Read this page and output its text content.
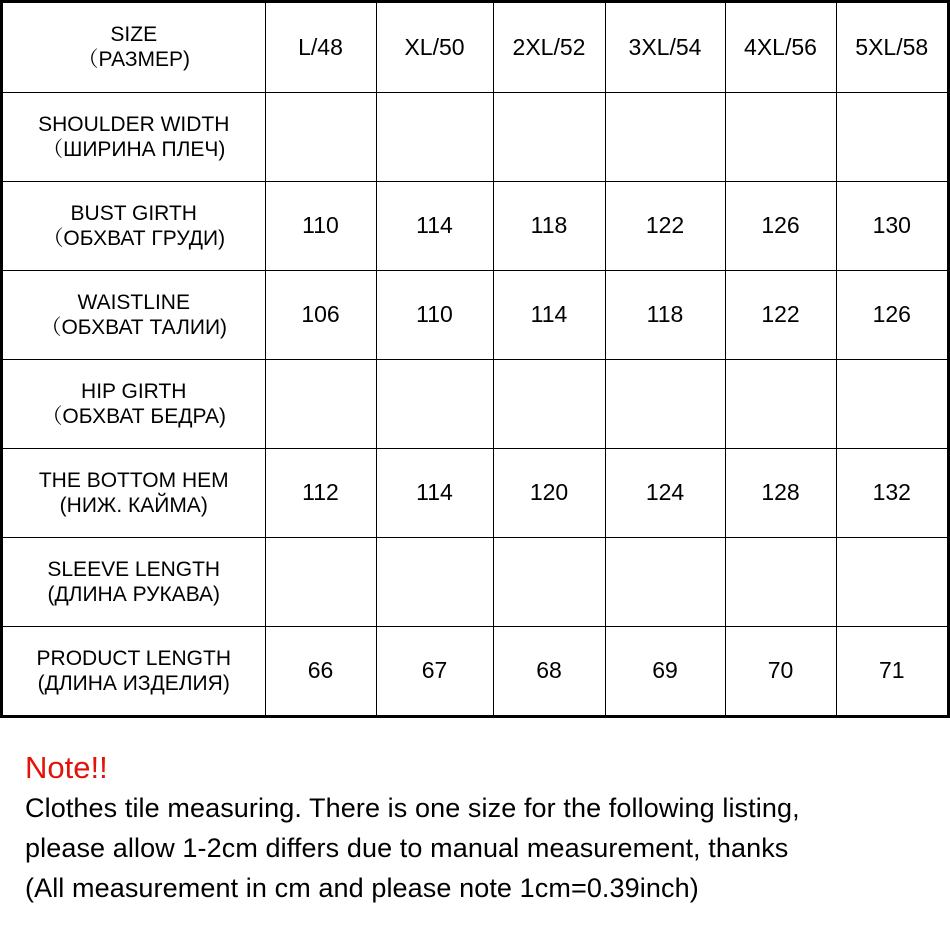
SIZE
（РАЗМЕР)	L/48	XL/50	2XL/52	3XL/54	4XL/56	5XL/58

SHOULDER WIDTH
（ШИРИНА ПЛЕЧ)						

BUST GIRTH
（ОБХВАТ ГРУДИ)	110	114	118	122	126	130

WAISTLINE
（ОБХВАТ ТАЛИИ)	106	110	114	118	122	126

HIP GIRTH
（ОБХВАТ БЕДРА)						

THE BOTTOM HEM
(НИЖ. КАЙМА)	112	114	120	124	128	132

SLEEVE LENGTH
(ДЛИНА РУКАВА)						

PRODUCT LENGTH
(ДЛИНА ИЗДЕЛИЯ)	66	67	68	69	70	71

Note!!

Clothes tile measuring. There is one size for the following listing,

please allow 1-2cm differs due to manual measurement, thanks

(All measurement in cm and please note 1cm=0.39inch)
